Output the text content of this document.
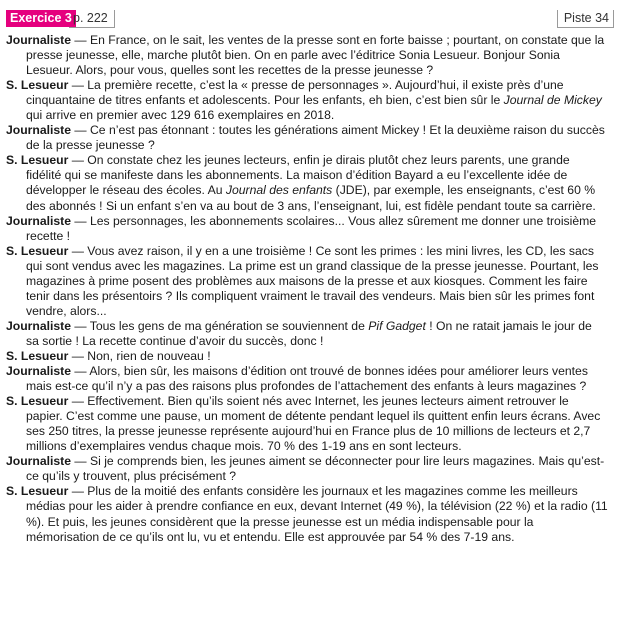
Exercice 3 p. 222	Piste 34

Journaliste — En France, on le sait, les ventes de la presse sont en forte baisse ; pourtant, on constate que la presse jeunesse, elle, marche plutôt bien. On en parle avec l’éditrice Sonia Lesueur. Bonjour Sonia Lesueur. Alors, pour vous, quelles sont les recettes de la presse jeunesse ?

S. Lesueur — La première recette, c’est la « presse de personnages ». Aujourd’hui, il existe près d’une cinquantaine de titres enfants et adolescents. Pour les enfants, eh bien, c’est bien sûr le Journal de Mickey qui arrive en premier avec 129 616 exemplaires en 2018.

Journaliste — Ce n’est pas étonnant : toutes les générations aiment Mickey ! Et la deuxième raison du succès de la presse jeunesse ?

S. Lesueur — On constate chez les jeunes lecteurs, enfin je dirais plutôt chez leurs parents, une grande fidélité qui se manifeste dans les abonnements. La maison d’édition Bayard a eu l’excellente idée de développer le réseau des écoles. Au Journal des enfants (JDE), par exemple, les enseignants, c’est 60 % des abonnés ! Si un enfant s’en va au bout de 3 ans, l’enseignant, lui, est fidèle pendant toute sa carrière.

Journaliste — Les personnages, les abonnements scolaires... Vous allez sûrement me donner une troisième recette !

S. Lesueur — Vous avez raison, il y en a une troisième ! Ce sont les primes : les mini livres, les CD, les sacs qui sont vendus avec les magazines. La prime est un grand classique de la presse jeunesse. Pourtant, les magazines à prime posent des problèmes aux maisons de la presse et aux kiosques. Comment les faire tenir dans les présentoirs ? Ils compliquent vraiment le travail des vendeurs. Mais bien sûr les primes font vendre, alors...

Journaliste — Tous les gens de ma génération se souviennent de Pif Gadget ! On ne ratait jamais le jour de sa sortie ! La recette continue d’avoir du succès, donc !

S. Lesueur — Non, rien de nouveau !

Journaliste — Alors, bien sûr, les maisons d’édition ont trouvé de bonnes idées pour améliorer leurs ventes mais est-ce qu’il n’y a pas des raisons plus profondes de l’attachement des enfants à leurs magazines ?

S. Lesueur — Effectivement. Bien qu’ils soient nés avec Internet, les jeunes lecteurs aiment retrouver le papier. C’est comme une pause, un moment de détente pendant lequel ils quittent enfin leurs écrans. Avec ses 250 titres, la presse jeunesse représente aujourd’hui en France plus de 10 millions de lecteurs et 2,7 millions d’exemplaires vendus chaque mois. 70 % des 1-19 ans en sont lecteurs.

Journaliste — Si je comprends bien, les jeunes aiment se déconnecter pour lire leurs magazines. Mais qu’est-ce qu’ils y trouvent, plus précisément ?

S. Lesueur — Plus de la moitié des enfants considère les journaux et les magazines comme les meilleurs médias pour les aider à prendre confiance en eux, devant Internet (49 %), la télévision (22 %) et la radio (11 %). Et puis, les jeunes considèrent que la presse jeunesse est un média indispensable pour la mémorisation de ce qu’ils ont lu, vu et entendu. Elle est approuvée par 54 % des 7-19 ans.
